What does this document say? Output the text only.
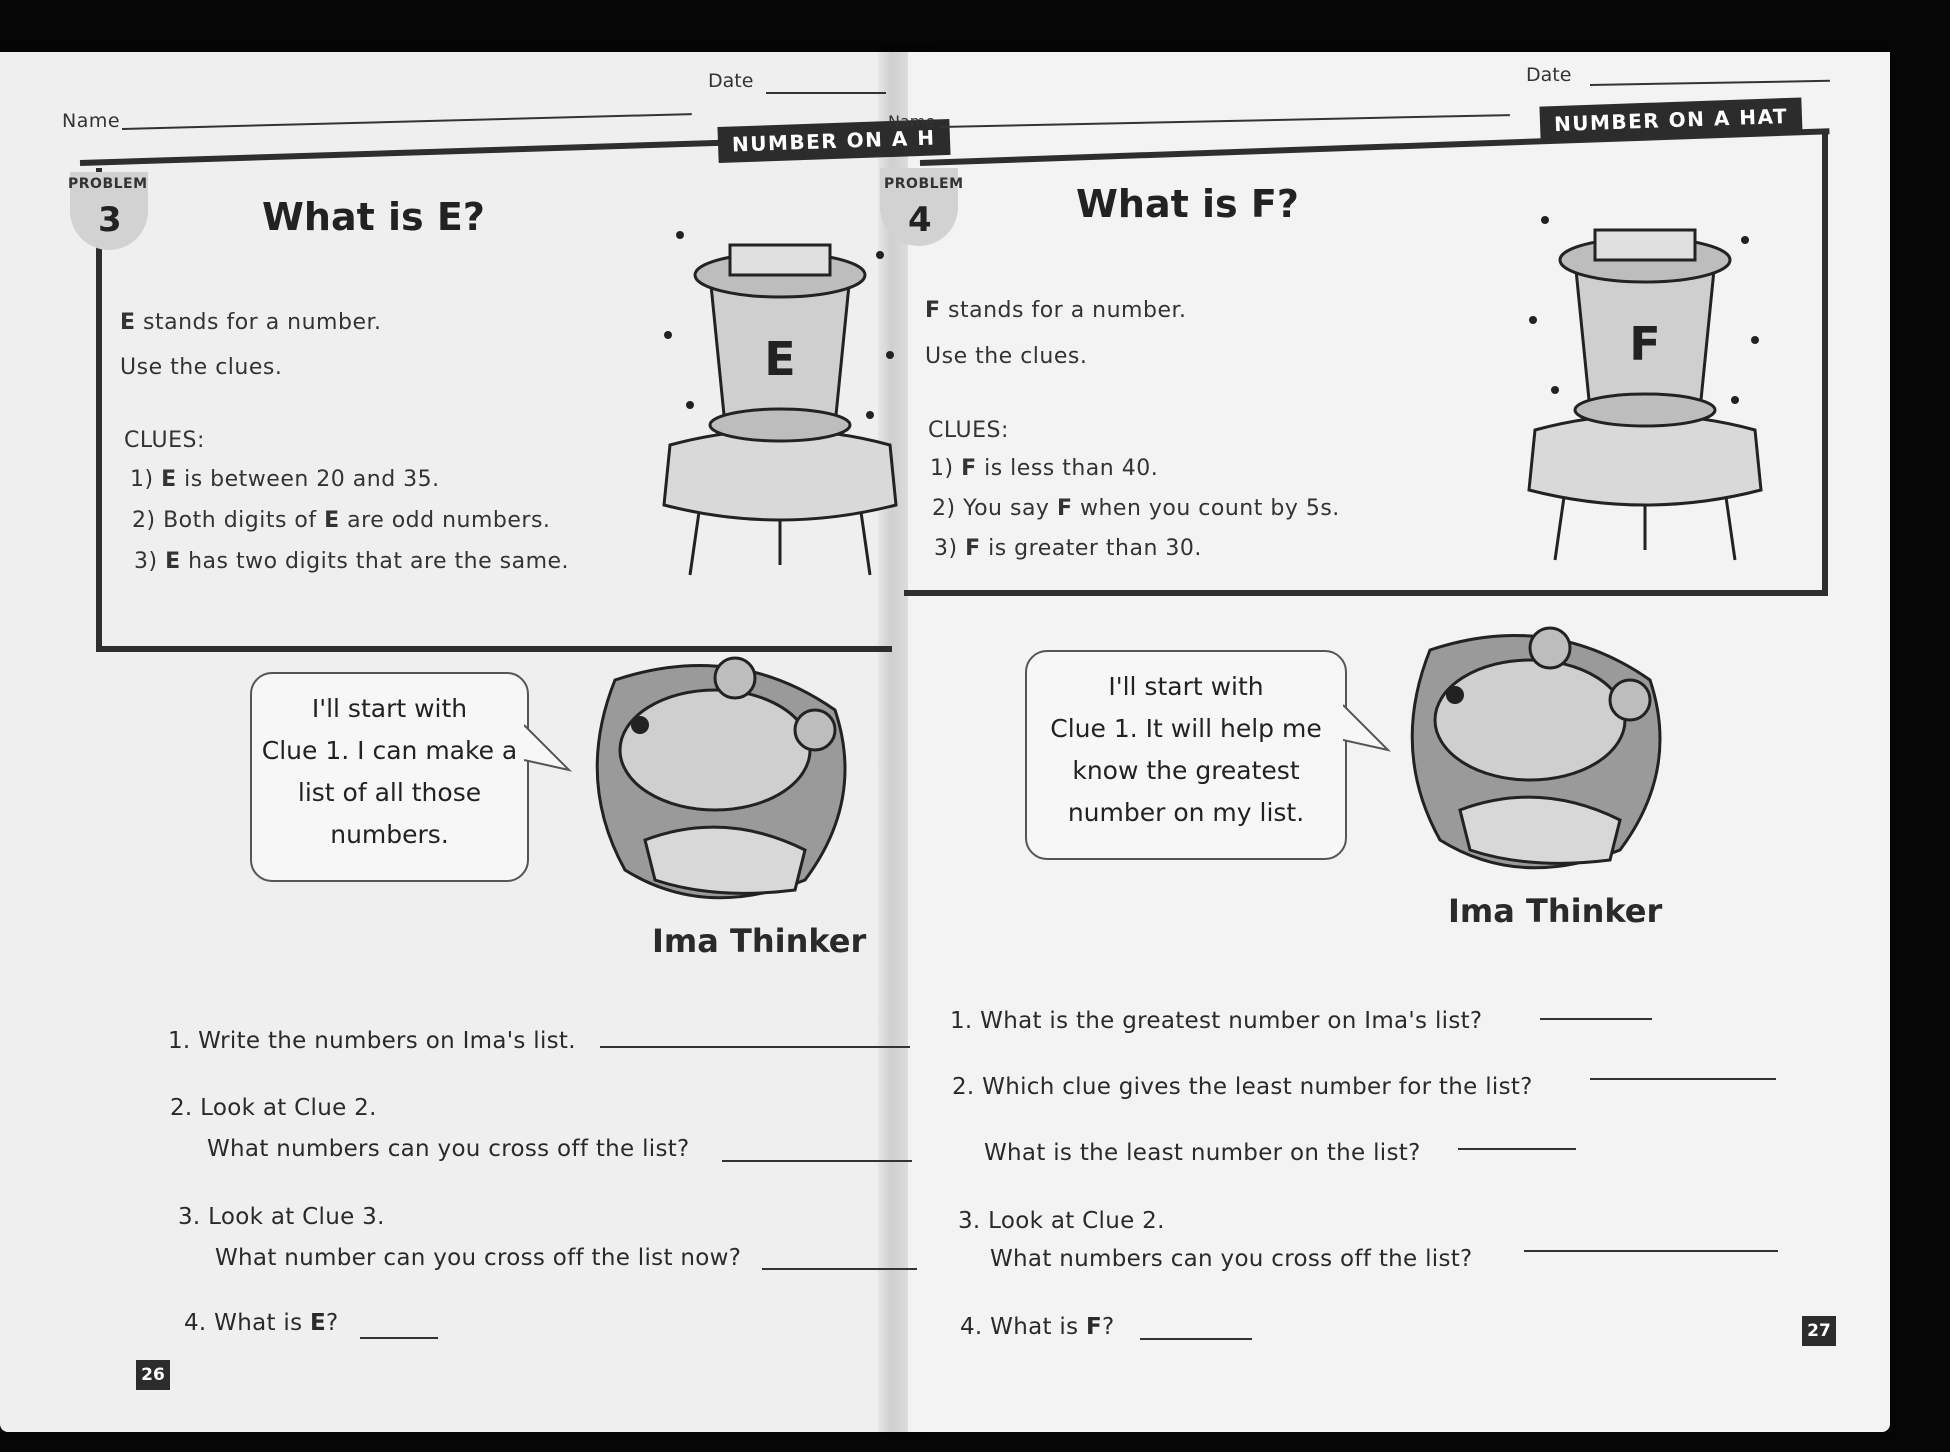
Name
Date
NUMBER ON A H
PROBLEM
3	What is E?
E stands for a number.
Use the clues.
CLUES:
1) E is between 20 and 35.
2) Both digits of E are odd numbers.
3) E has two digits that are the same.
E
I'll start with
Clue 1. I can make a
list of all those
numbers.
Ima Thinker
1. Write the numbers on Ima's list.
2. Look at Clue 2.
What numbers can you cross off the list?
3. Look at Clue 3.
What number can you cross off the list now?
4. What is E?
26
Name
Date
NUMBER ON A HAT
PROBLEM
4	What is F?
F stands for a number.
Use the clues.
CLUES:
1) F is less than 40.
2) You say F when you count by 5s.
3) F is greater than 30.
F
I'll start with
Clue 1. It will help me
know the greatest
number on my list.
Ima Thinker
1. What is the greatest number on Ima's list?
2. Which clue gives the least number for the list?
What is the least number on the list?
3. Look at Clue 2.
What numbers can you cross off the list?
4. What is F?	27
